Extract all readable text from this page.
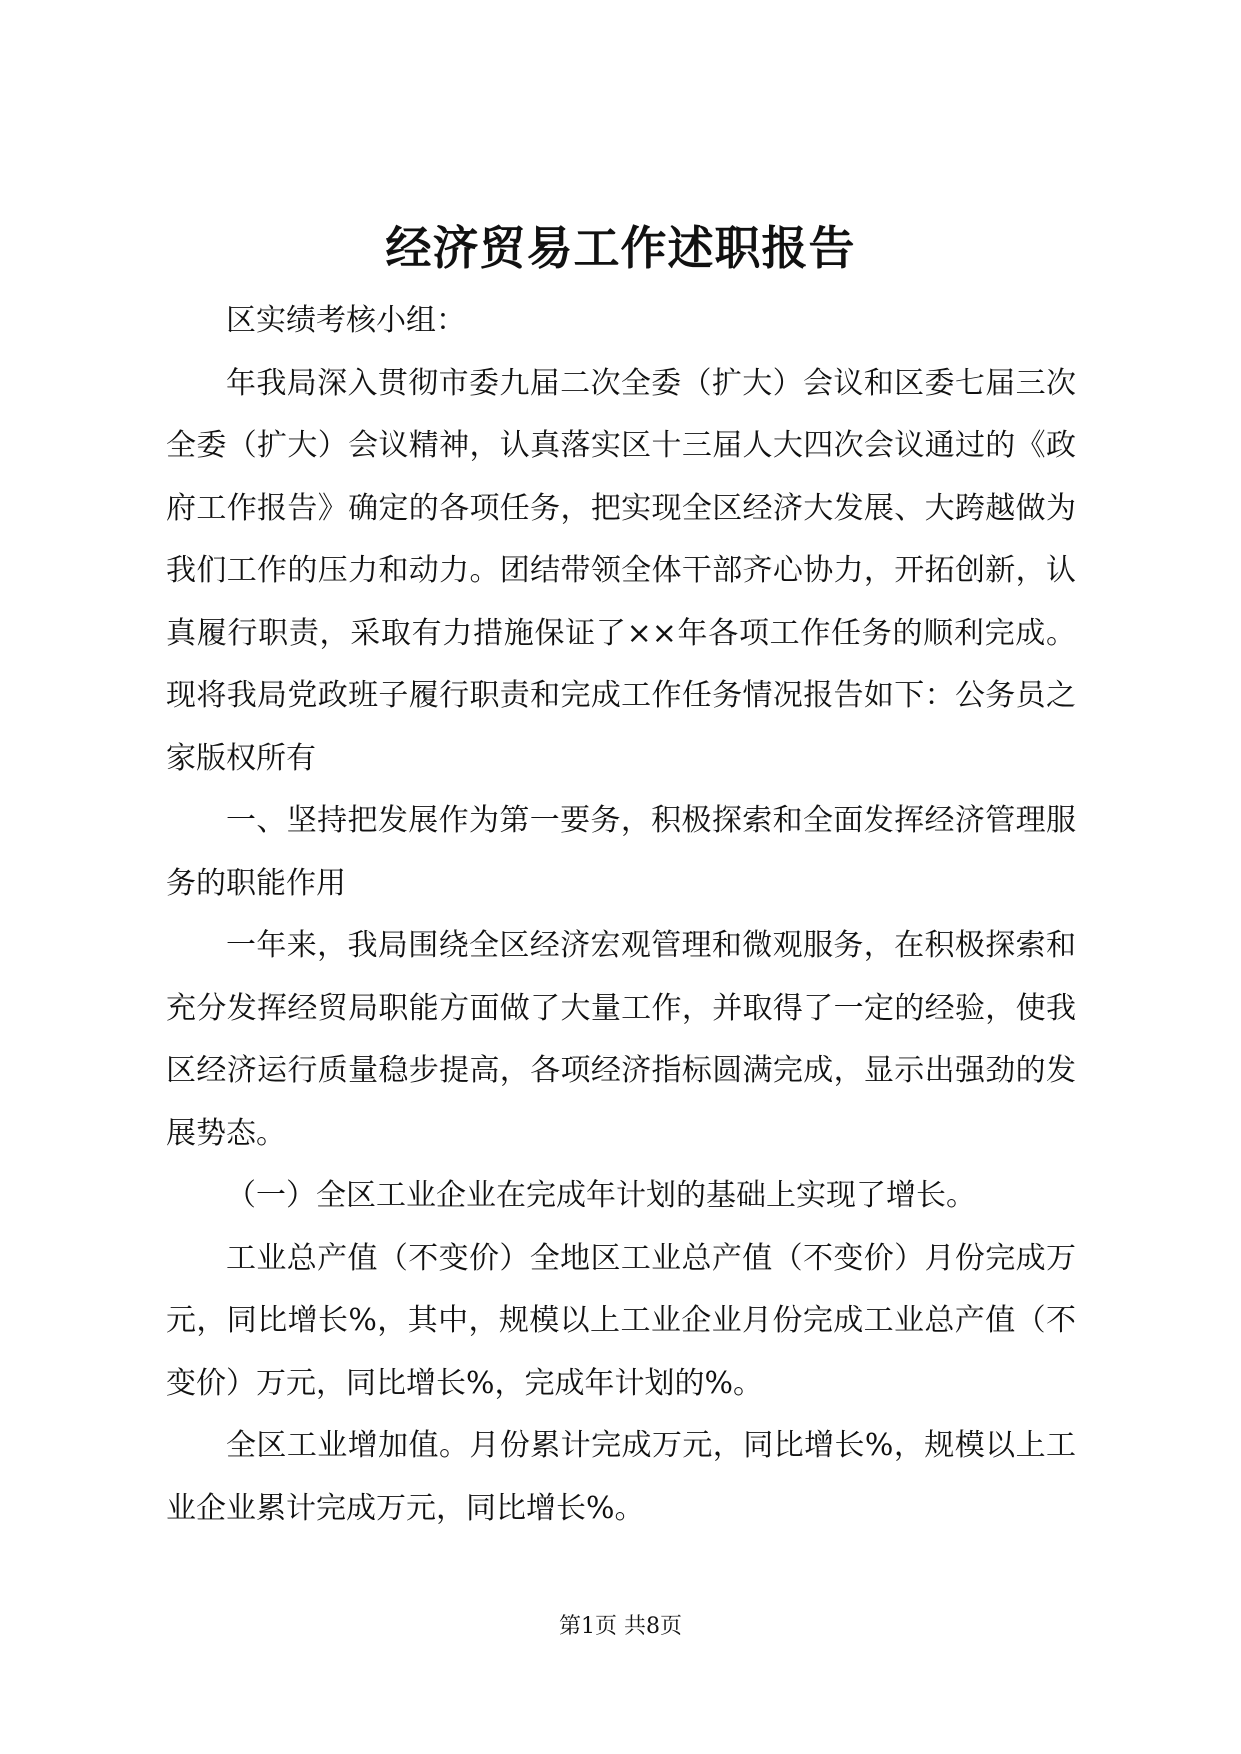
经济贸易工作述职报告

区实绩考核小组：

年我局深入贯彻市委九届二次全委（扩大）会议和区委七届三次全委（扩大）会议精神，认真落实区十三届人大四次会议通过的《政府工作报告》确定的各项任务，把实现全区经济大发展、大跨越做为我们工作的压力和动力。团结带领全体干部齐心协力，开拓创新，认真履行职责，采取有力措施保证了××年各项工作任务的顺利完成。现将我局党政班子履行职责和完成工作任务情况报告如下：公务员之家版权所有

一、坚持把发展作为第一要务，积极探索和全面发挥经济管理服务的职能作用

一年来，我局围绕全区经济宏观管理和微观服务，在积极探索和充分发挥经贸局职能方面做了大量工作，并取得了一定的经验，使我区经济运行质量稳步提高，各项经济指标圆满完成，显示出强劲的发展势态。

（一）全区工业企业在完成年计划的基础上实现了增长。

工业总产值（不变价）全地区工业总产值（不变价）月份完成万元，同比增长%，其中，规模以上工业企业月份完成工业总产值（不变价）万元，同比增长%，完成年计划的%。

全区工业增加值。月份累计完成万元，同比增长%，规模以上工业企业累计完成万元，同比增长%。

第1页 共8页
